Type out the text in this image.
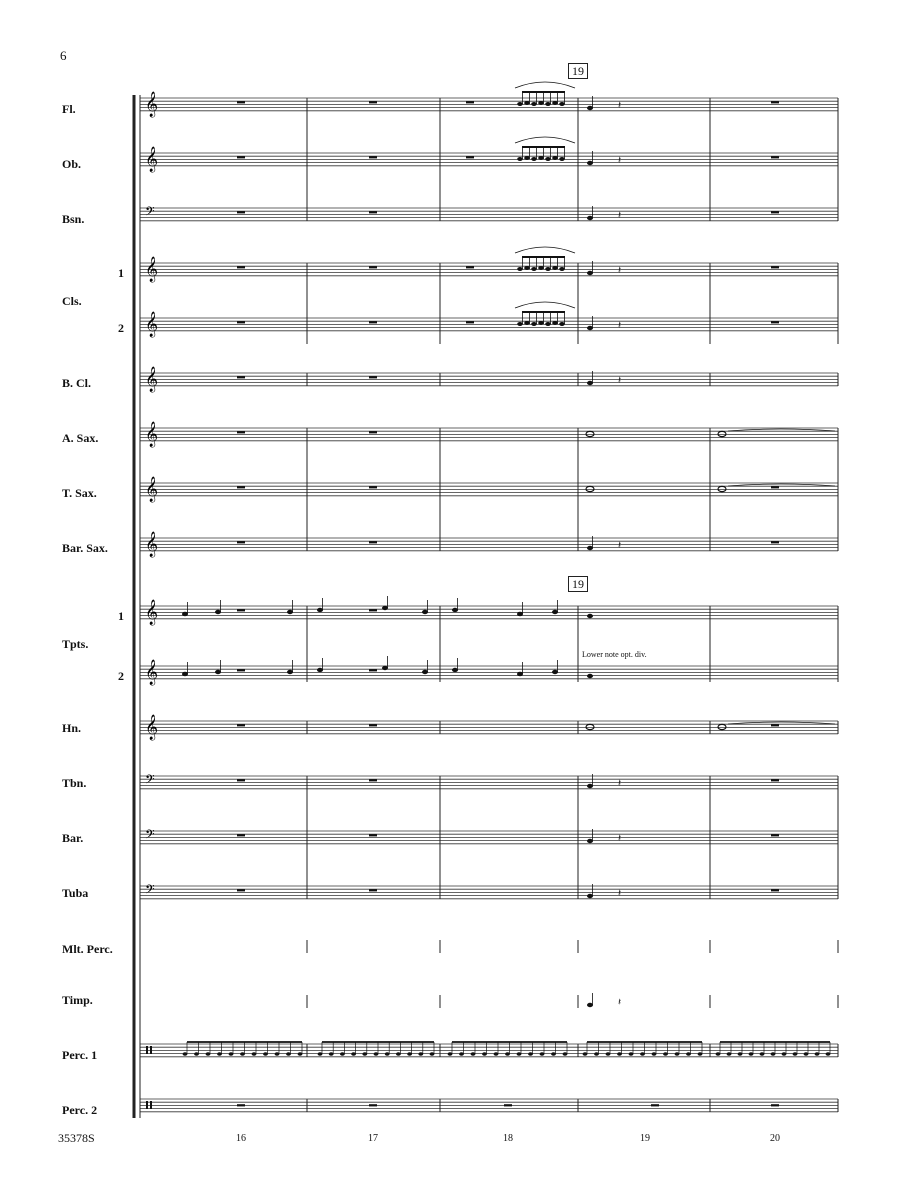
𝄞
𝄞
𝄢
𝄞
𝄞
𝄞
𝄞
𝄞
𝄞
𝄞
𝄞
𝄞
𝄢
𝄢
𝄢
𝄽
𝄽
𝄽
𝄽
𝄽
𝄽
𝄽
𝄽
𝄽
𝄽
𝄽
6
35378S
19
19
Lower note opt. div.
Fl.
Ob.
Bsn.
Cls.
1
2
B. Cl.
A. Sax.
T. Sax.
Bar. Sax.
Tpts.
1
2
Hn.
Tbn.
Bar.
Tuba
Mlt. Perc.
Timp.
Perc. 1
Perc. 2
16	17	18	19	20
